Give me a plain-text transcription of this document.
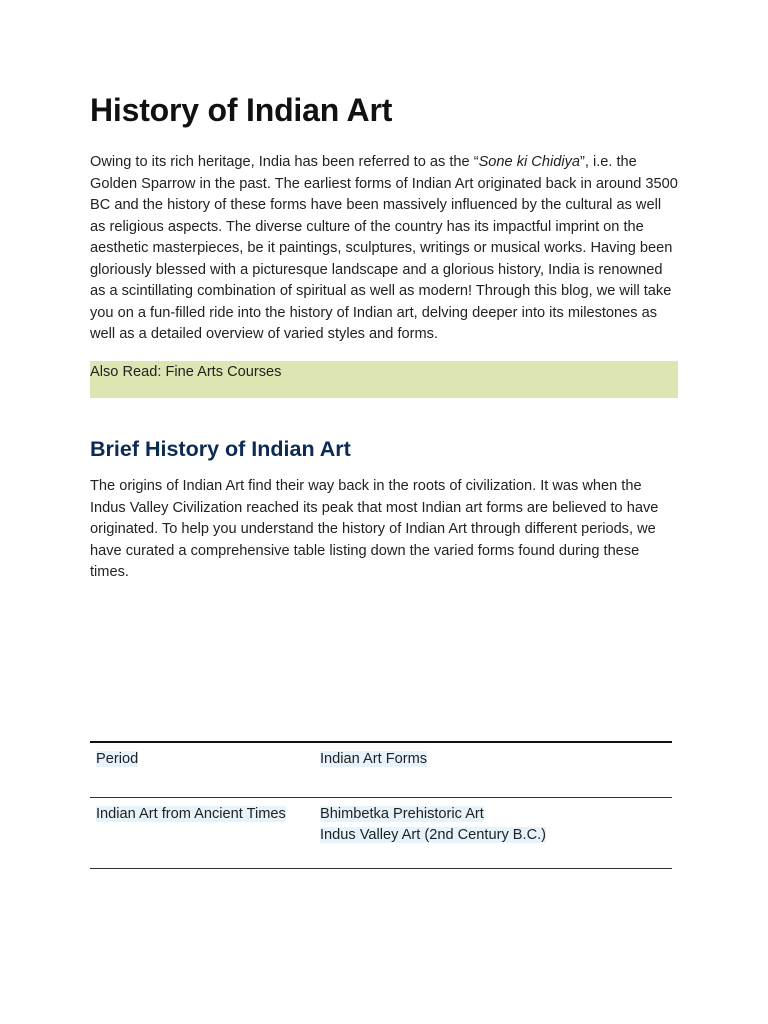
History of Indian Art

Owing to its rich heritage, India has been referred to as the “Sone ki Chidiya”, i.e. the Golden Sparrow in the past. The earliest forms of Indian Art originated back in around 3500 BC and the history of these forms have been massively influenced by the cultural as well as religious aspects. The diverse culture of the country has its impactful imprint on the aesthetic masterpieces, be it paintings, sculptures, writings or musical works. Having been gloriously blessed with a picturesque landscape and a glorious history, India is renowned as a scintillating combination of spiritual as well as modern! Through this blog, we will take you on a fun-filled ride into the history of Indian art, delving deeper into its milestones as well as a detailed overview of varied styles and forms.

Also Read: Fine Arts Courses
Brief History of Indian Art

The origins of Indian Art find their way back in the roots of civilization. It was when the Indus Valley Civilization reached its peak that most Indian art forms are believed to have originated. To help you understand the history of Indian Art through different periods, we have curated a comprehensive table listing down the varied forms found during these times.

Period	Indian Art Forms
Indian Art from Ancient Times	Bhimbetka Prehistoric Art
Indus Valley Art (2nd Century B.C.)
